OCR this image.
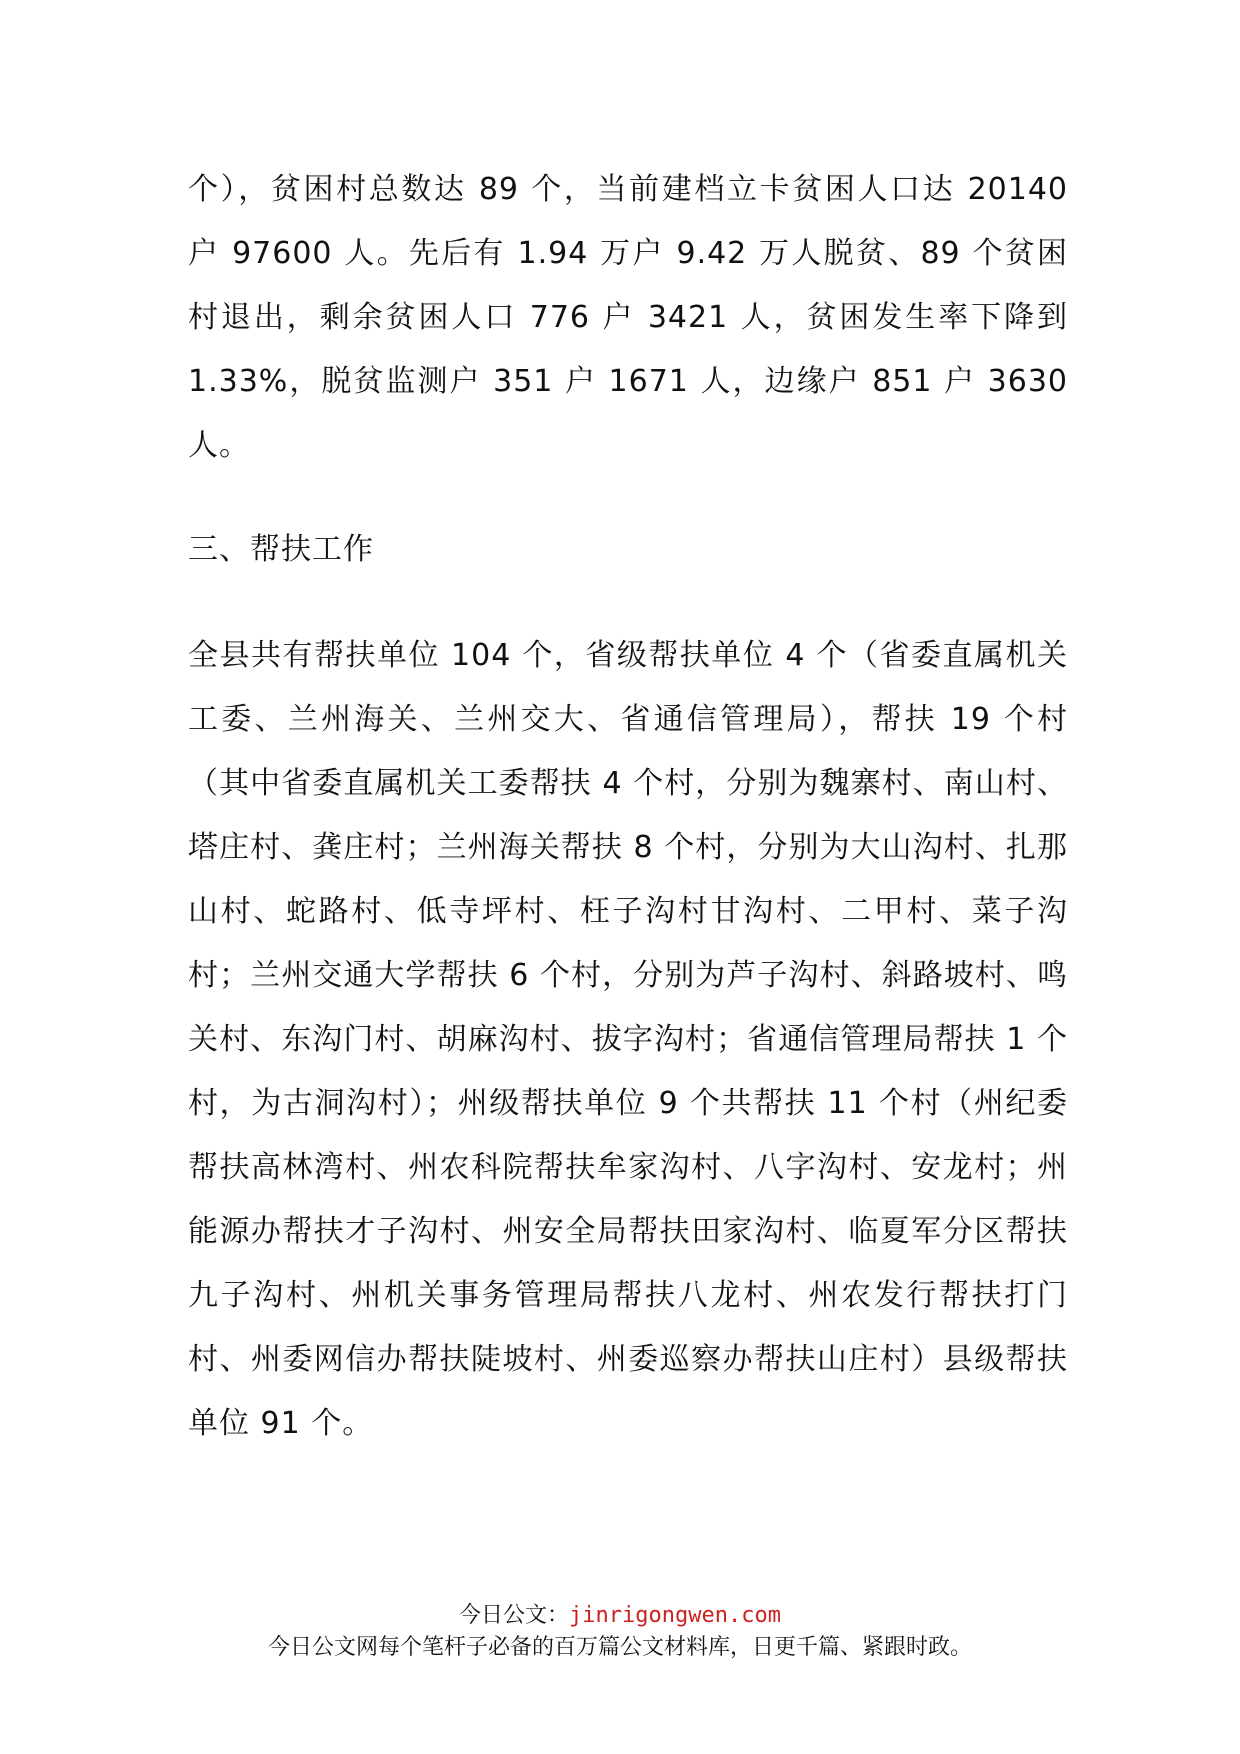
个），贫困村总数达 89 个，当前建档立卡贫困人口达 20140 户 97600 人。先后有 1.94 万户 9.42 万人脱贫、89 个贫困村退出，剩余贫困人口 776 户 3421 人，贫困发生率下降到 1.33%，脱贫监测户 351 户 1671 人，边缘户 851 户 3630 人。

三、帮扶工作

全县共有帮扶单位 104 个，省级帮扶单位 4 个（省委直属机关工委、兰州海关、兰州交大、省通信管理局），帮扶 19 个村（其中省委直属机关工委帮扶 4 个村，分别为魏寨村、南山村、塔庄村、龚庄村；兰州海关帮扶 8 个村，分别为大山沟村、扎那山村、蛇路村、低寺坪村、枉子沟村甘沟村、二甲村、菜子沟村；兰州交通大学帮扶 6 个村，分别为芦子沟村、斜路坡村、鸣关村、东沟门村、胡麻沟村、拔字沟村；省通信管理局帮扶 1 个村，为古洞沟村）；州级帮扶单位 9 个共帮扶 11 个村（州纪委帮扶高林湾村、州农科院帮扶牟家沟村、八字沟村、安龙村；州能源办帮扶才子沟村、州安全局帮扶田家沟村、临夏军分区帮扶九子沟村、州机关事务管理局帮扶八龙村、州农发行帮扶打门村、州委网信办帮扶陡坡村、州委巡察办帮扶山庄村）县级帮扶单位 91 个。

今日公文：jinrigongwen.com
今日公文网每个笔杆子必备的百万篇公文材料库，日更千篇、紧跟时政。
